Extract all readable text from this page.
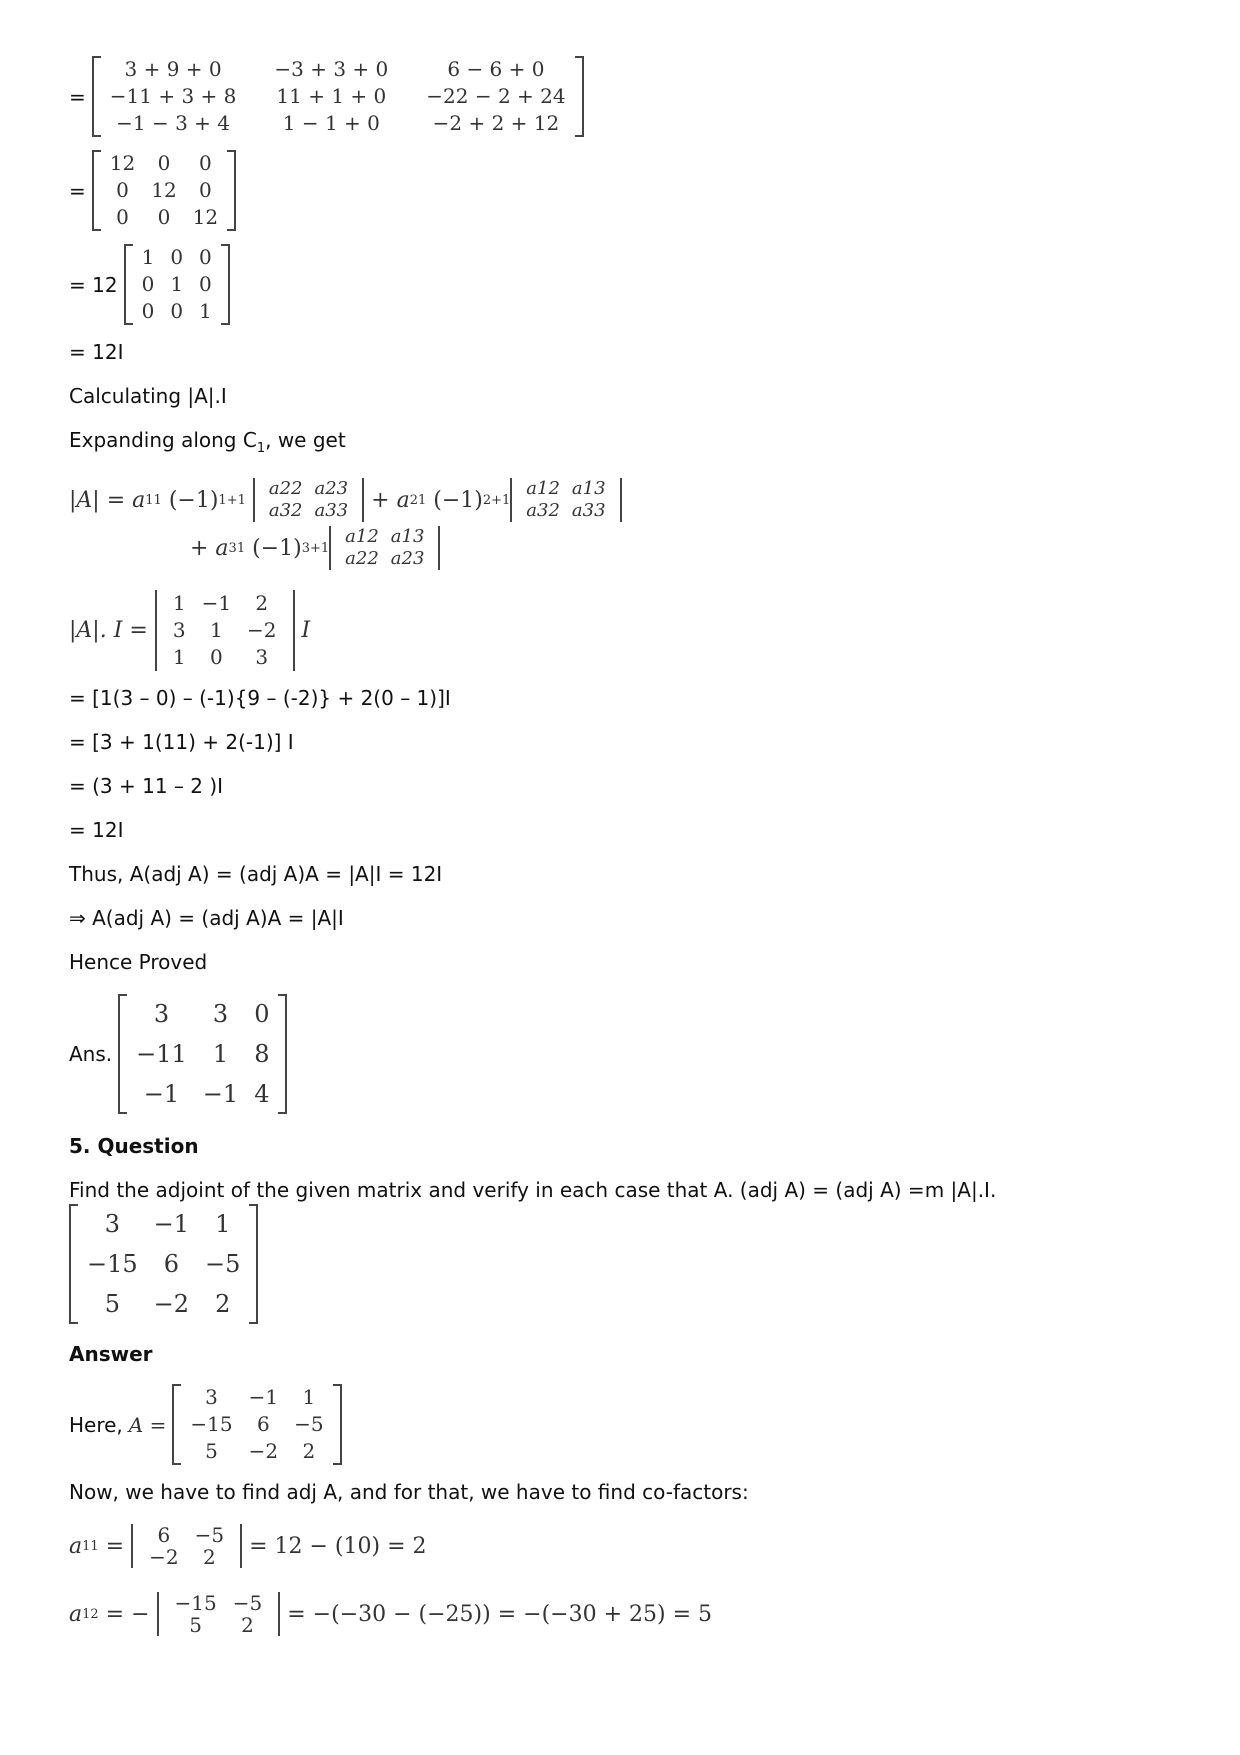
=
3 + 9 + 0	−3 + 3 + 0	6 − 6 + 0
−11 + 3 + 8	11 + 1 + 0	−22 − 2 + 24
−1 − 3 + 4	1 − 1 + 0	−2 + 2 + 12
=
12	0	0
0	12	0
0	0	12
= 12
1	0	0
0	1	0
0	0	1
= 12I
Calculating |A|.I
Expanding along $C_1$, we get
|A| =
a 11
(−1) 1+1

a22	a23
a32	a33
+ a 21
(−1) 2+1
a12	a13
a32	a33
+ a 31
(−1) 3+1
a12	a13
a22	a23
|A|. I =

1	−1	2
3	1	−2
1	0	3

I
= [1(3 – 0) – (-1){9 – (-2)} + 2(0 – 1)]I
= [3 + 1(11) + 2(-1)] I
= (3 + 11 – 2 )I
= 12I
Thus, A(adj A) = (adj A)A = |A|I = 12I
⇒ A(adj A) = (adj A)A = |A|I
Hence Proved
Ans.
3	3	0
−11	1	8
−1	−1	4
5. Question
Find the adjoint of the given matrix and verify in each case that A. (adj A) = (adj A) =m |A|.I.
3	−1	1
−15	6	−5
5	−2	2
Answer
Here, A =
3	−1	1
−15	6	−5
5	−2	2
Now, we have to find adj A, and for that, we have to find co-factors:
a 11
=
6	−5
−2	2
= 12 − (10) = 2
a 12
= −
−15	−5
5	2
= −(−30 − (−25)) = −(−30 + 25) = 5
